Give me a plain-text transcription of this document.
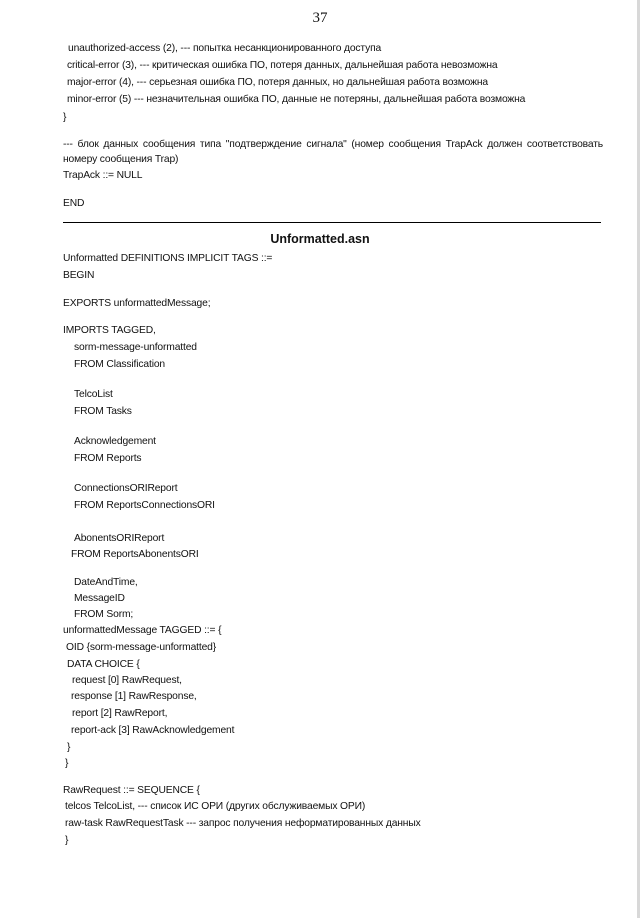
37
unauthorized-access (2), --- попытка несанкционированного доступа
critical-error (3), --- критическая ошибка ПО, потеря данных, дальнейшая работа невозможна
major-error (4), --- серьезная ошибка ПО, потеря данных, но дальнейшая работа возможна
minor-error (5) --- незначительная ошибка ПО, данные не потеряны, дальнейшая работа возможна
}
--- блок данных сообщения типа "подтверждение сигнала" (номер сообщения TrapAck должен соответствовать номеру сообщения Trap)
TrapAck ::= NULL
END
Unformatted.asn
Unformatted DEFINITIONS IMPLICIT TAGS ::=
BEGIN
EXPORTS unformattedMessage;
IMPORTS TAGGED,
sorm-message-unformatted
FROM Classification
TelcoList
FROM Tasks
Acknowledgement
FROM Reports
ConnectionsORIReport
FROM ReportsConnectionsORI
AbonentsORIReport
FROM ReportsAbonentsORI
DateAndTime,
MessageID
FROM Sorm;
unformattedMessage TAGGED ::= {
OID {sorm-message-unformatted}
DATA CHOICE {
request [0] RawRequest,
response [1] RawResponse,
report [2] RawReport,
report-ack [3] RawAcknowledgement
}
}
RawRequest ::= SEQUENCE {
telcos TelcoList, --- список ИС ОРИ (других обслуживаемых ОРИ)
raw-task RawRequestTask --- запрос получения неформатированных данных
}
